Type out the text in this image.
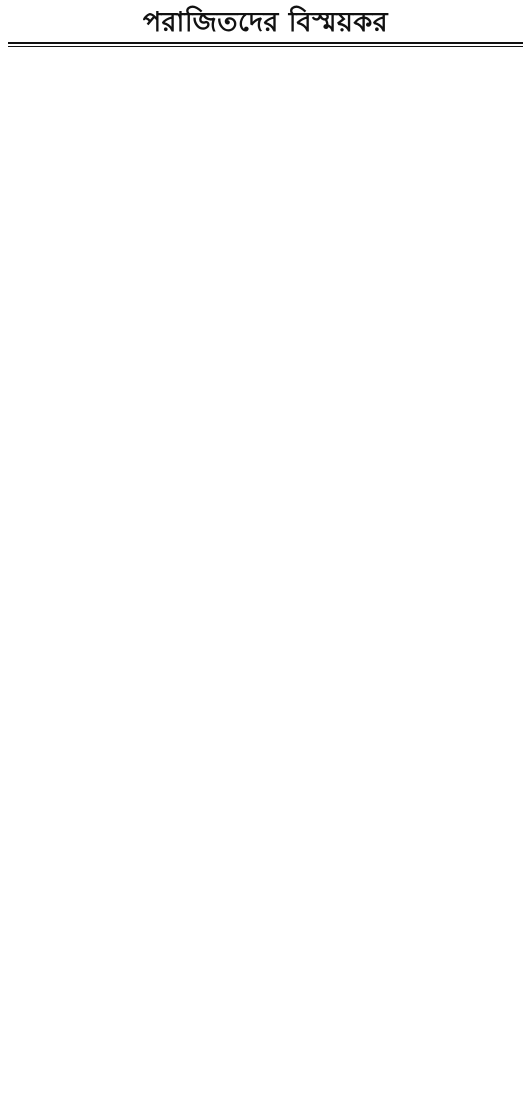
পরাজিতদের বিস্ময়কর
